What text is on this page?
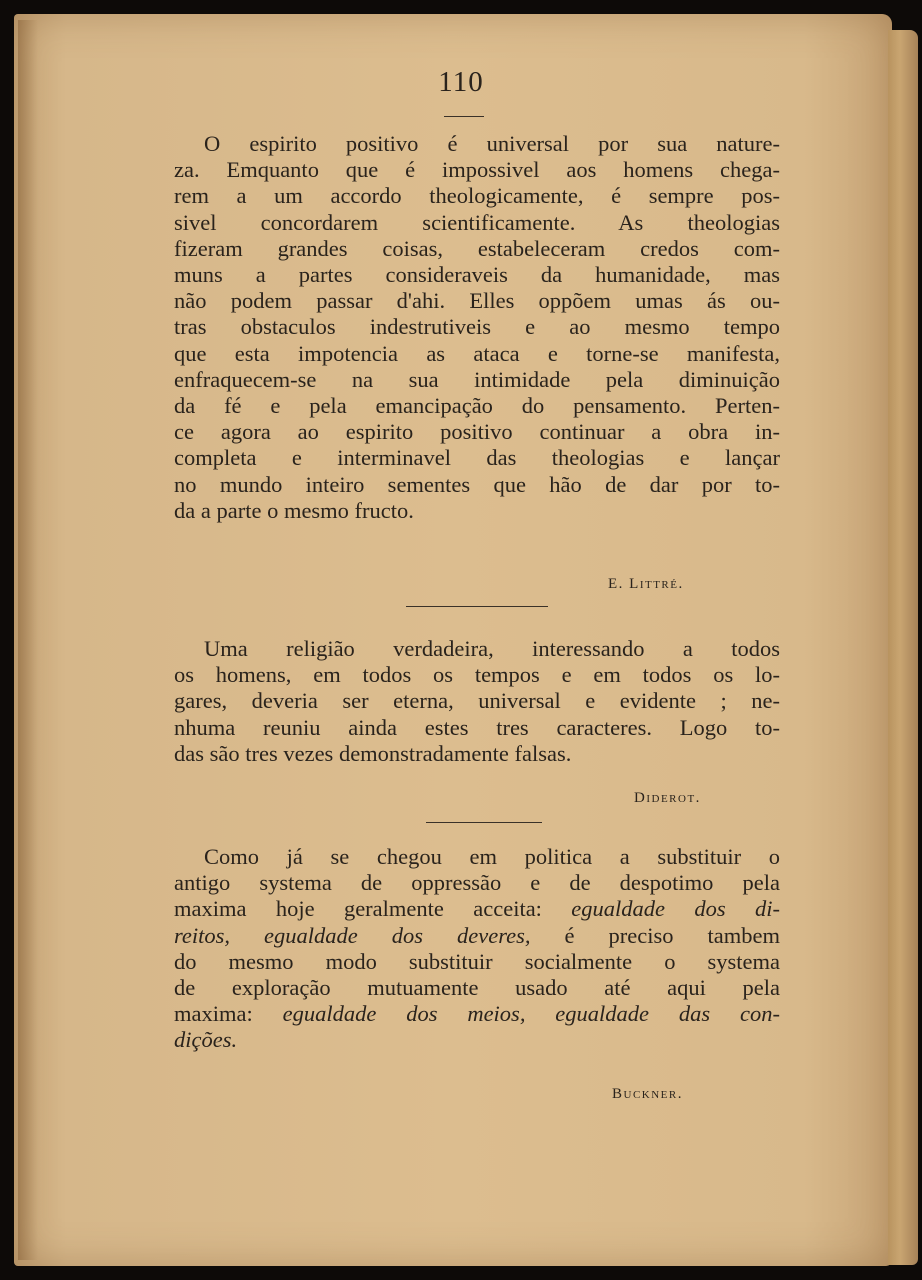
110
O espirito positivo é universal por sua nature-
za. Emquanto que é impossivel aos homens chega-
rem a um accordo theologicamente, é sempre pos-
sivel concordarem scientificamente. As theologias
fizeram grandes coisas, estabeleceram credos com-
muns a partes consideraveis da humanidade, mas
não podem passar d'ahi. Elles oppõem umas ás ou-
tras obstaculos indestrutiveis e ao mesmo tempo
que esta impotencia as ataca e torne-se manifesta,
enfraquecem-se na sua intimidade pela diminuição
da fé e pela emancipação do pensamento. Perten-
ce agora ao espirito positivo continuar a obra in-
completa e interminavel das theologias e lançar
no mundo inteiro sementes que hão de dar por to-
da a parte o mesmo fructo.
E. Littré.
Uma religião verdadeira, interessando a todos
os homens, em todos os tempos e em todos os lo-
gares, deveria ser eterna, universal e evidente ; ne-
nhuma reuniu ainda estes tres caracteres. Logo to-
das são tres vezes demonstradamente falsas.
Diderot.
Como já se chegou em politica a substituir o
antigo systema de oppressão e de despotimo pela
maxima hoje geralmente acceita: egualdade dos di-
reitos, egualdade dos deveres, é preciso tambem
do mesmo modo substituir socialmente o systema
de exploração mutuamente usado até aqui pela
maxima: egualdade dos meios, egualdade das con-
dições.
Buckner.
